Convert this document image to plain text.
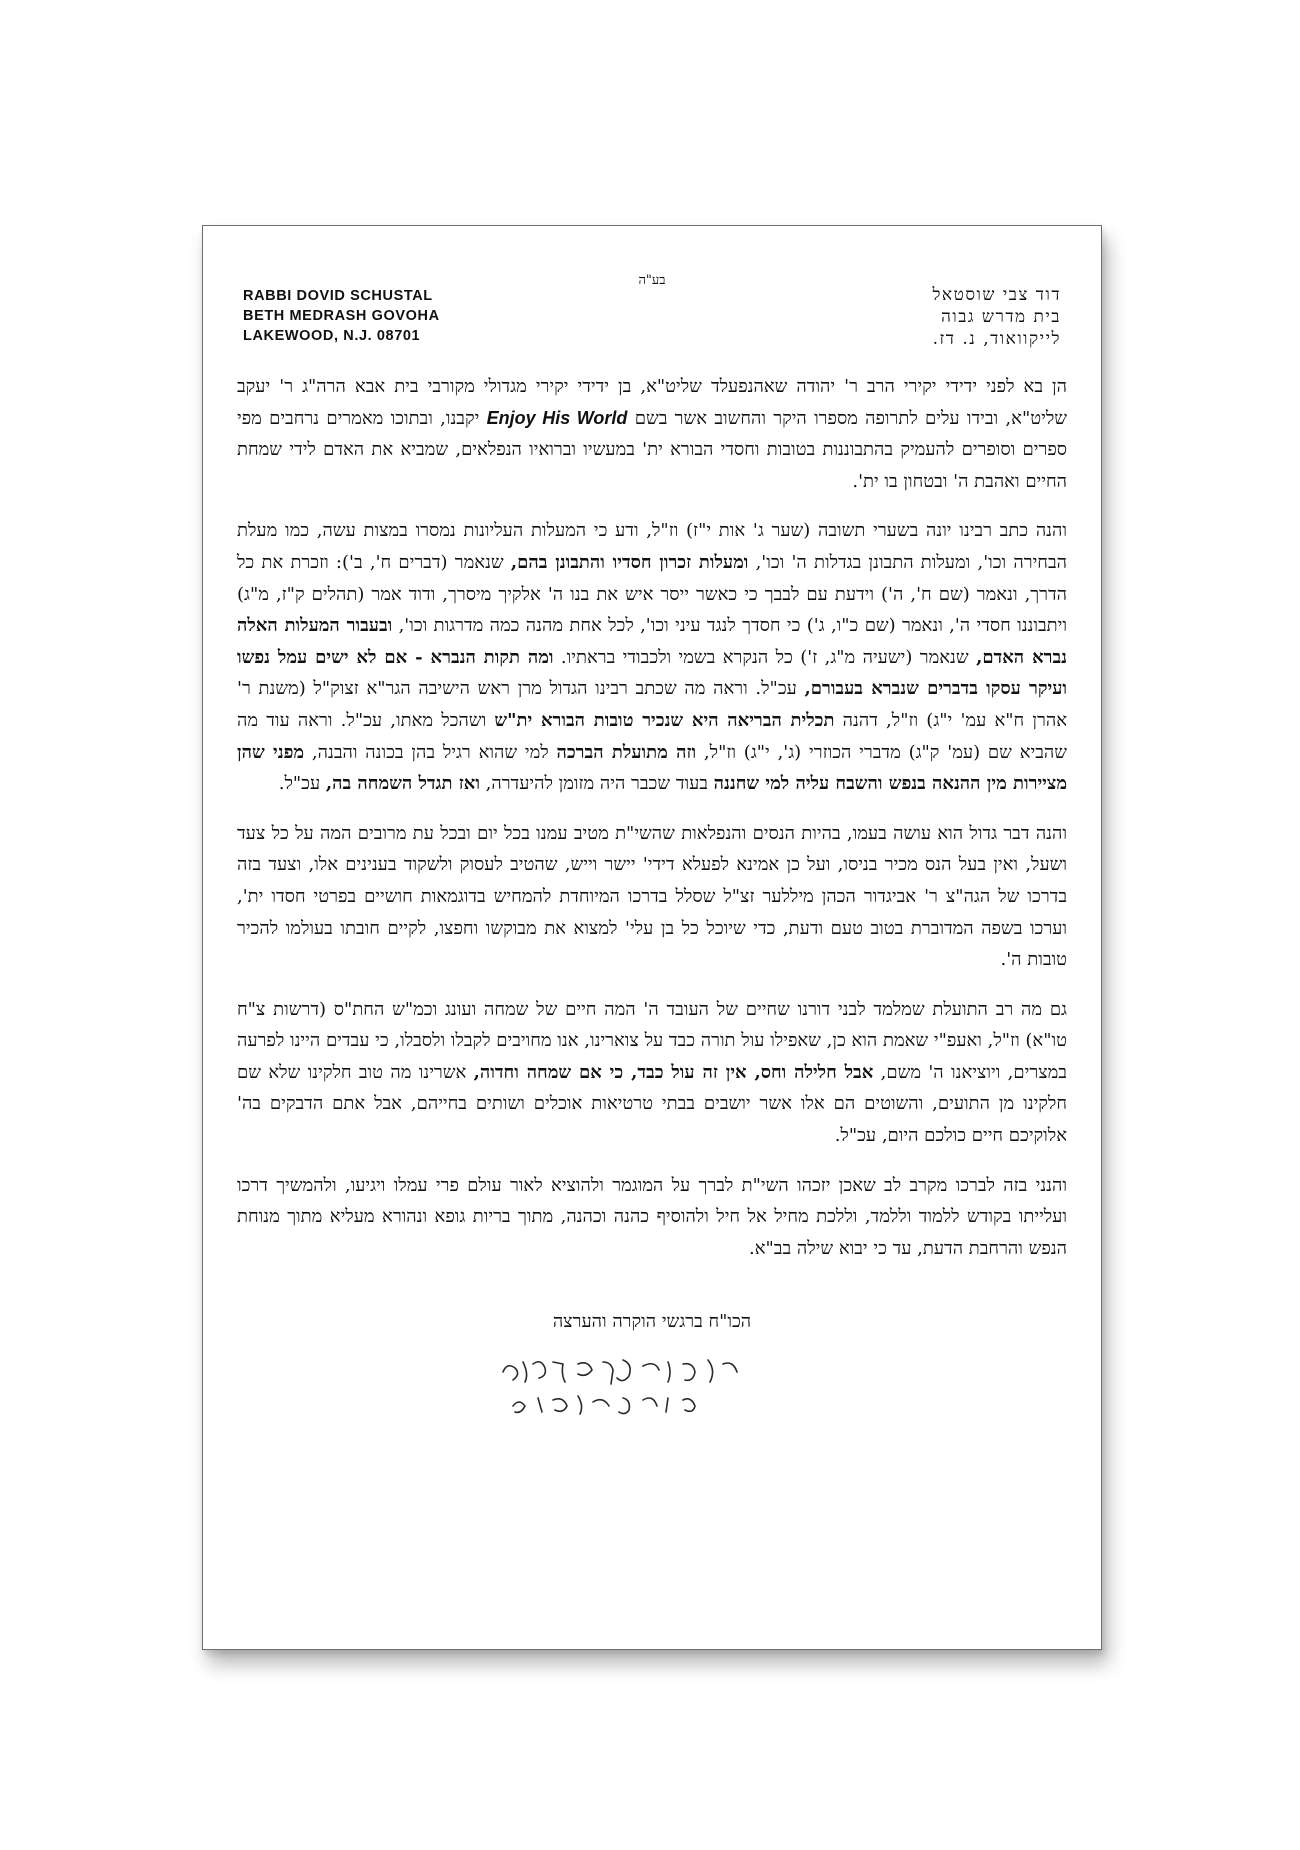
בע"ה
RABBI DOVID SCHUSTAL
BETH MEDRASH GOVOHA
LAKEWOOD, N.J. 08701
דוד צבי שוסטאל
בית מדרש גבוה
לייקוואוד, נ. דז.

הן בא לפני ידידי יקירי הרב ר' יהודה שאהנפעלד שליט"א, בן ידידי יקירי מגדולי מקורבי בית אבא הרה"ג ר' יעקב שליט"א, ובידו עלים לתרופה מספרו היקר והחשוב אשר בשם Enjoy His World יקבנו, ובתוכו מאמרים נרחבים מפי ספרים וסופרים להעמיק בהתבוננות בטובות וחסדי הבורא ית' במעשיו וברואיו הנפלאים, שמביא את האדם לידי שמחת החיים ואהבת ה' ובטחון בו ית'.

והנה כתב רבינו יונה בשערי תשובה (שער ג' אות י"ז) וז"ל, ודע כי המעלות העליונות נמסרו במצות עשה, כמו מעלת הבחירה וכו', ומעלות התבונן בגדלות ה' וכו', ומעלות זכרון חסדיו והתבונן בהם, שנאמר (דברים ח', ב'): וזכרת את כל הדרך, ונאמר (שם ח', ה') וידעת עם לבבך כי כאשר ייסר איש את בנו ה' אלקיך מיסרך, ודוד אמר (תהלים ק"ז, מ"ג) ויתבוננו חסדי ה', ונאמר (שם כ"ו, ג') כי חסדך לנגד עיני וכו', לכל אחת מהנה כמה מדרגות וכו', ובעבור המעלות האלה נברא האדם, שנאמר (ישעיה מ"ג, ז') כל הנקרא בשמי ולכבודי בראתיו. ומה תקות הנברא - אם לא ישים עמל נפשו ועיקר עסקו בדברים שנברא בעבורם, עכ"ל. וראה מה שכתב רבינו הגדול מרן ראש הישיבה הגר"א זצוק"ל (משנת ר' אהרן ח"א עמ' י"ג) וז"ל, דהנה תכלית הבריאה היא שנכיר טובות הבורא ית"ש ושהכל מאתו, עכ"ל. וראה עוד מה שהביא שם (עמ' ק"ג) מדברי הכוזרי (ג', י"ג) וז"ל, וזה מתועלת הברכה למי שהוא רגיל בהן בכונה והבנה, מפני שהן מציירות מין ההנאה בנפש והשבח עליה למי שחננה בעוד שכבר היה מזומן להיעדרה, ואז תגדל השמחה בה, עכ"ל.

והנה דבר גדול הוא עושה בעמו, בהיות הנסים והנפלאות שהשי"ת מטיב עמנו בכל יום ובכל עת מרובים המה על כל צעד ושעל, ואין בעל הנס מכיר בניסו, ועל כן אמינא לפעלא דידי' יישר וייש, שהטיב לעסוק ולשקוד בענינים אלו, וצעד בזה בדרכו של הגה"צ ר' אביגדור הכהן מיללער זצ"ל שסלל בדרכו המיוחדת להמחיש בדוגמאות חושיים בפרטי חסדו ית', וערכו בשפה המדוברת בטוב טעם ודעת, כדי שיוכל כל בן עלי' למצוא את מבוקשו וחפצו, לקיים חובתו בעולמו להכיר טובות ה'.

גם מה רב התועלת שמלמד לבני דורנו שחיים של העובד ה' המה חיים של שמחה ועונג וכמ"ש החת"ס (דרשות צ"ח טו"א) וז"ל, ואעפ"י שאמת הוא כן, שאפילו עול תורה כבד על צוארינו, אנו מחויבים לקבלו ולסבלו, כי עבדים היינו לפרעה במצרים, ויוציאנו ה' משם, אבל חלילה וחס, אין זה עול כבד, כי אם שמחה וחדוה, אשרינו מה טוב חלקינו שלא שם חלקינו מן התועים, והשוטים הם אלו אשר יושבים בבתי טרטיאות אוכלים ושותים בחייהם, אבל אתם הדבקים בה' אלוקיכם חיים כולכם היום, עכ"ל.

והנני בזה לברכו מקרב לב שאכן יזכהו השי"ת לברך על המוגמר ולהוציא לאור עולם פרי עמלו ויגיעו, ולהמשיך דרכו ועלייתו בקודש ללמוד וללמד, וללכת מחיל אל חיל ולהוסיף כהנה וכהנה, מתוך בריות גופא ונהורא מעליא מתוך מנוחת הנפש והרחבת הדעת, עד כי יבוא שילה בב"א.

הכו"ח ברגשי הוקרה והערצה
